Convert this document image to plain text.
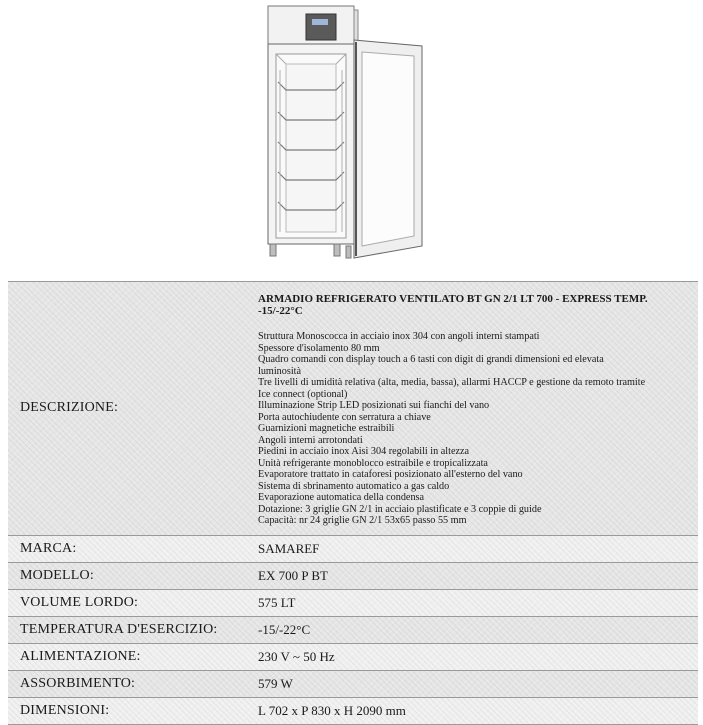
DESCRIZIONE:
ARMADIO REFRIGERATO VENTILATO BT GN 2/1 LT 700 - EXPRESS TEMP. -15/-22°C
Struttura Monoscocca in acciaio inox 304 con angoli interni stampati
Spessore d'isolamento 80 mm
Quadro comandi con display touch a 6 tasti con digit di grandi dimensioni ed elevata luminosità
Tre livelli di umidità relativa (alta, media, bassa), allarmi HACCP e gestione da remoto tramite Ice connect (optional)
Illuminazione Strip LED posizionati sui fianchi del vano
Porta autochiudente con serratura a chiave
Guarnizioni magnetiche estraibili
Angoli interni arrotondati
Piedini in acciaio inox Aisi 304 regolabili in altezza
Unità refrigerante monoblocco estraibile e tropicalizzata
Evaporatore trattato in cataforesi posizionato all'esterno del vano
Sistema di sbrinamento automatico a gas caldo
Evaporazione automatica della condensa
Dotazione: 3 griglie GN 2/1 in acciaio plastificate e 3 coppie di guide
Capacità: nr 24 griglie GN 2/1 53x65 passo 55 mm
MARCA:	SAMAREF
MODELLO:	EX 700 P BT
VOLUME LORDO:	575 LT
TEMPERATURA D'ESERCIZIO:	-15/-22°C
ALIMENTAZIONE:	230 V ~ 50 Hz
ASSORBIMENTO:	579 W
DIMENSIONI:	L 702 x P 830 x H 2090 mm
